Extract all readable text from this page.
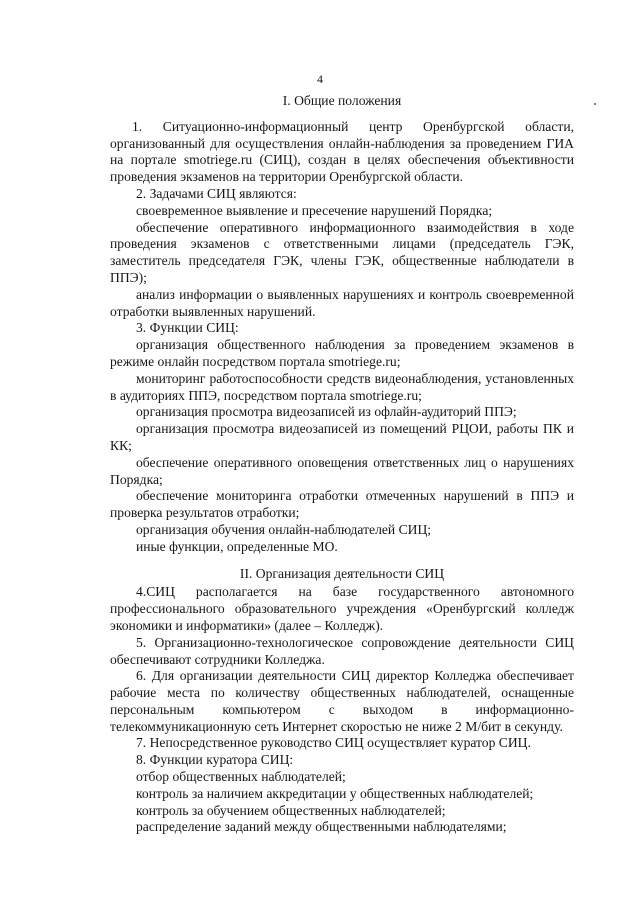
4

I. Общие положения

1. Ситуационно-информационный центр Оренбургской области, организованный для осуществления онлайн-наблюдения за проведением ГИА на портале smotriege.ru (СИЦ), создан в целях обеспечения объективности проведения экзаменов на территории Оренбургской области.

2. Задачами СИЦ являются:

своевременное выявление и пресечение нарушений Порядка;

обеспечение оперативного информационного взаимодействия в ходе проведения экзаменов с ответственными лицами (председатель ГЭК, заместитель председателя ГЭК, члены ГЭК, общественные наблюдатели в ППЭ);

анализ информации о выявленных нарушениях и контроль своевременной отработки выявленных нарушений.

3. Функции СИЦ:

организация общественного наблюдения за проведением экзаменов в режиме онлайн посредством портала smotriege.ru;

мониторинг работоспособности средств видеонаблюдения, установленных в аудиториях ППЭ, посредством портала smotriege.ru;

организация просмотра видеозаписей из офлайн-аудиторий ППЭ;

организация просмотра видеозаписей из помещений РЦОИ, работы ПК и КК;

обеспечение оперативного оповещения ответственных лиц о нарушениях Порядка;

обеспечение мониторинга отработки отмеченных нарушений в ППЭ и проверка результатов отработки;

организация обучения онлайн-наблюдателей СИЦ;

иные функции, определенные МО.

II. Организация деятельности СИЦ

4.СИЦ располагается на базе государственного автономного профессионального образовательного учреждения «Оренбургский колледж экономики и информатики» (далее – Колледж).

5. Организационно-технологическое сопровождение деятельности СИЦ обеспечивают сотрудники Колледжа.

6. Для организации деятельности СИЦ директор Колледжа обеспечивает рабочие места по количеству общественных наблюдателей, оснащенные персональным компьютером с выходом в информационно-телекоммуникационную сеть Интернет скоростью не ниже 2 М/бит в секунду.

7. Непосредственное руководство СИЦ осуществляет куратор СИЦ.

8. Функции куратора СИЦ:

отбор общественных наблюдателей;

контроль за наличием аккредитации у общественных наблюдателей;

контроль за обучением общественных наблюдателей;

распределение заданий между общественными наблюдателями;
